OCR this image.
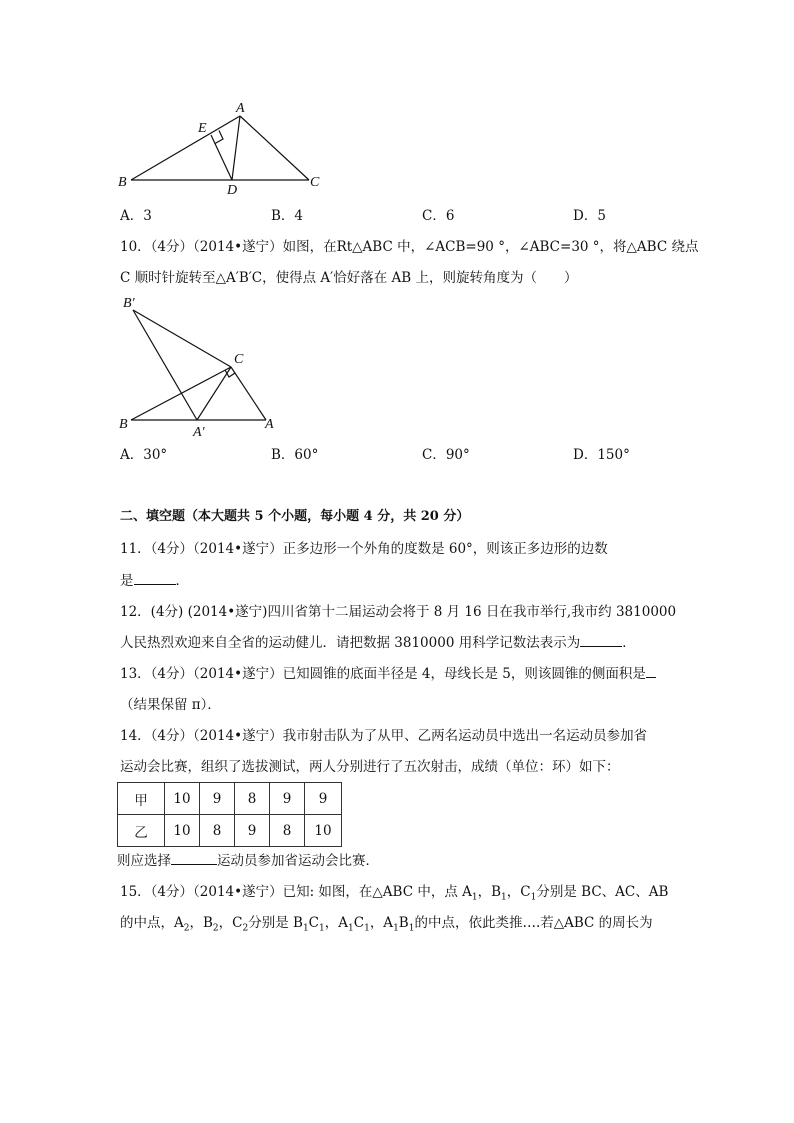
A
B	C
D
E
B′
C
B
A′
A
A．3	B．4	C．6	D．5
10．（4分）（2014•遂宁）如图，在Rt△ABC 中，∠ACB=90 °，∠ABC=30 °，将△ABC 绕点
C 顺时针旋转至△A′B′C，使得点 A′恰好落在 AB 上，则旋转角度为（　　）
A．30°	B．60°	C．90°	D．150°
二、填空题（本大题共 5 个小题，每小题 4 分，共 20 分）
11．（4分）（2014•遂宁）正多边形一个外角的度数是 60°，则该正多边形的边数
是	．
12．(4分) (2014•遂宁)四川省第十二届运动会将于 8 月 16 日在我市举行,我市约 3810000
人民热烈欢迎来自全省的运动健儿．请把数据 3810000 用科学记数法表示为	．
13．（4分）（2014•遂宁）已知圆锥的底面半径是 4，母线长是 5，则该圆锥的侧面积是
（结果保留 π）．
14．（4分）（2014•遂宁）我市射击队为了从甲、乙两名运动员中选出一名运动员参加省
运动会比赛，组织了选拔测试，两人分别进行了五次射击，成绩（单位：环）如下：
甲	10	9	8	9	9
乙	10	8	9	8	10
则应选择	运动员参加省运动会比赛．
15．（4分）（2014•遂宁）已知: 如图，在△ABC 中，点 $A_1$，$B_1$，$C_1$分别是 BC、AC、AB
的中点，$A_2$，$B_2$，$C_2$分别是 $B_1C_1$，$A_1C_1$，$A_1B_1$的中点，依此类推….若△ABC 的周长为
